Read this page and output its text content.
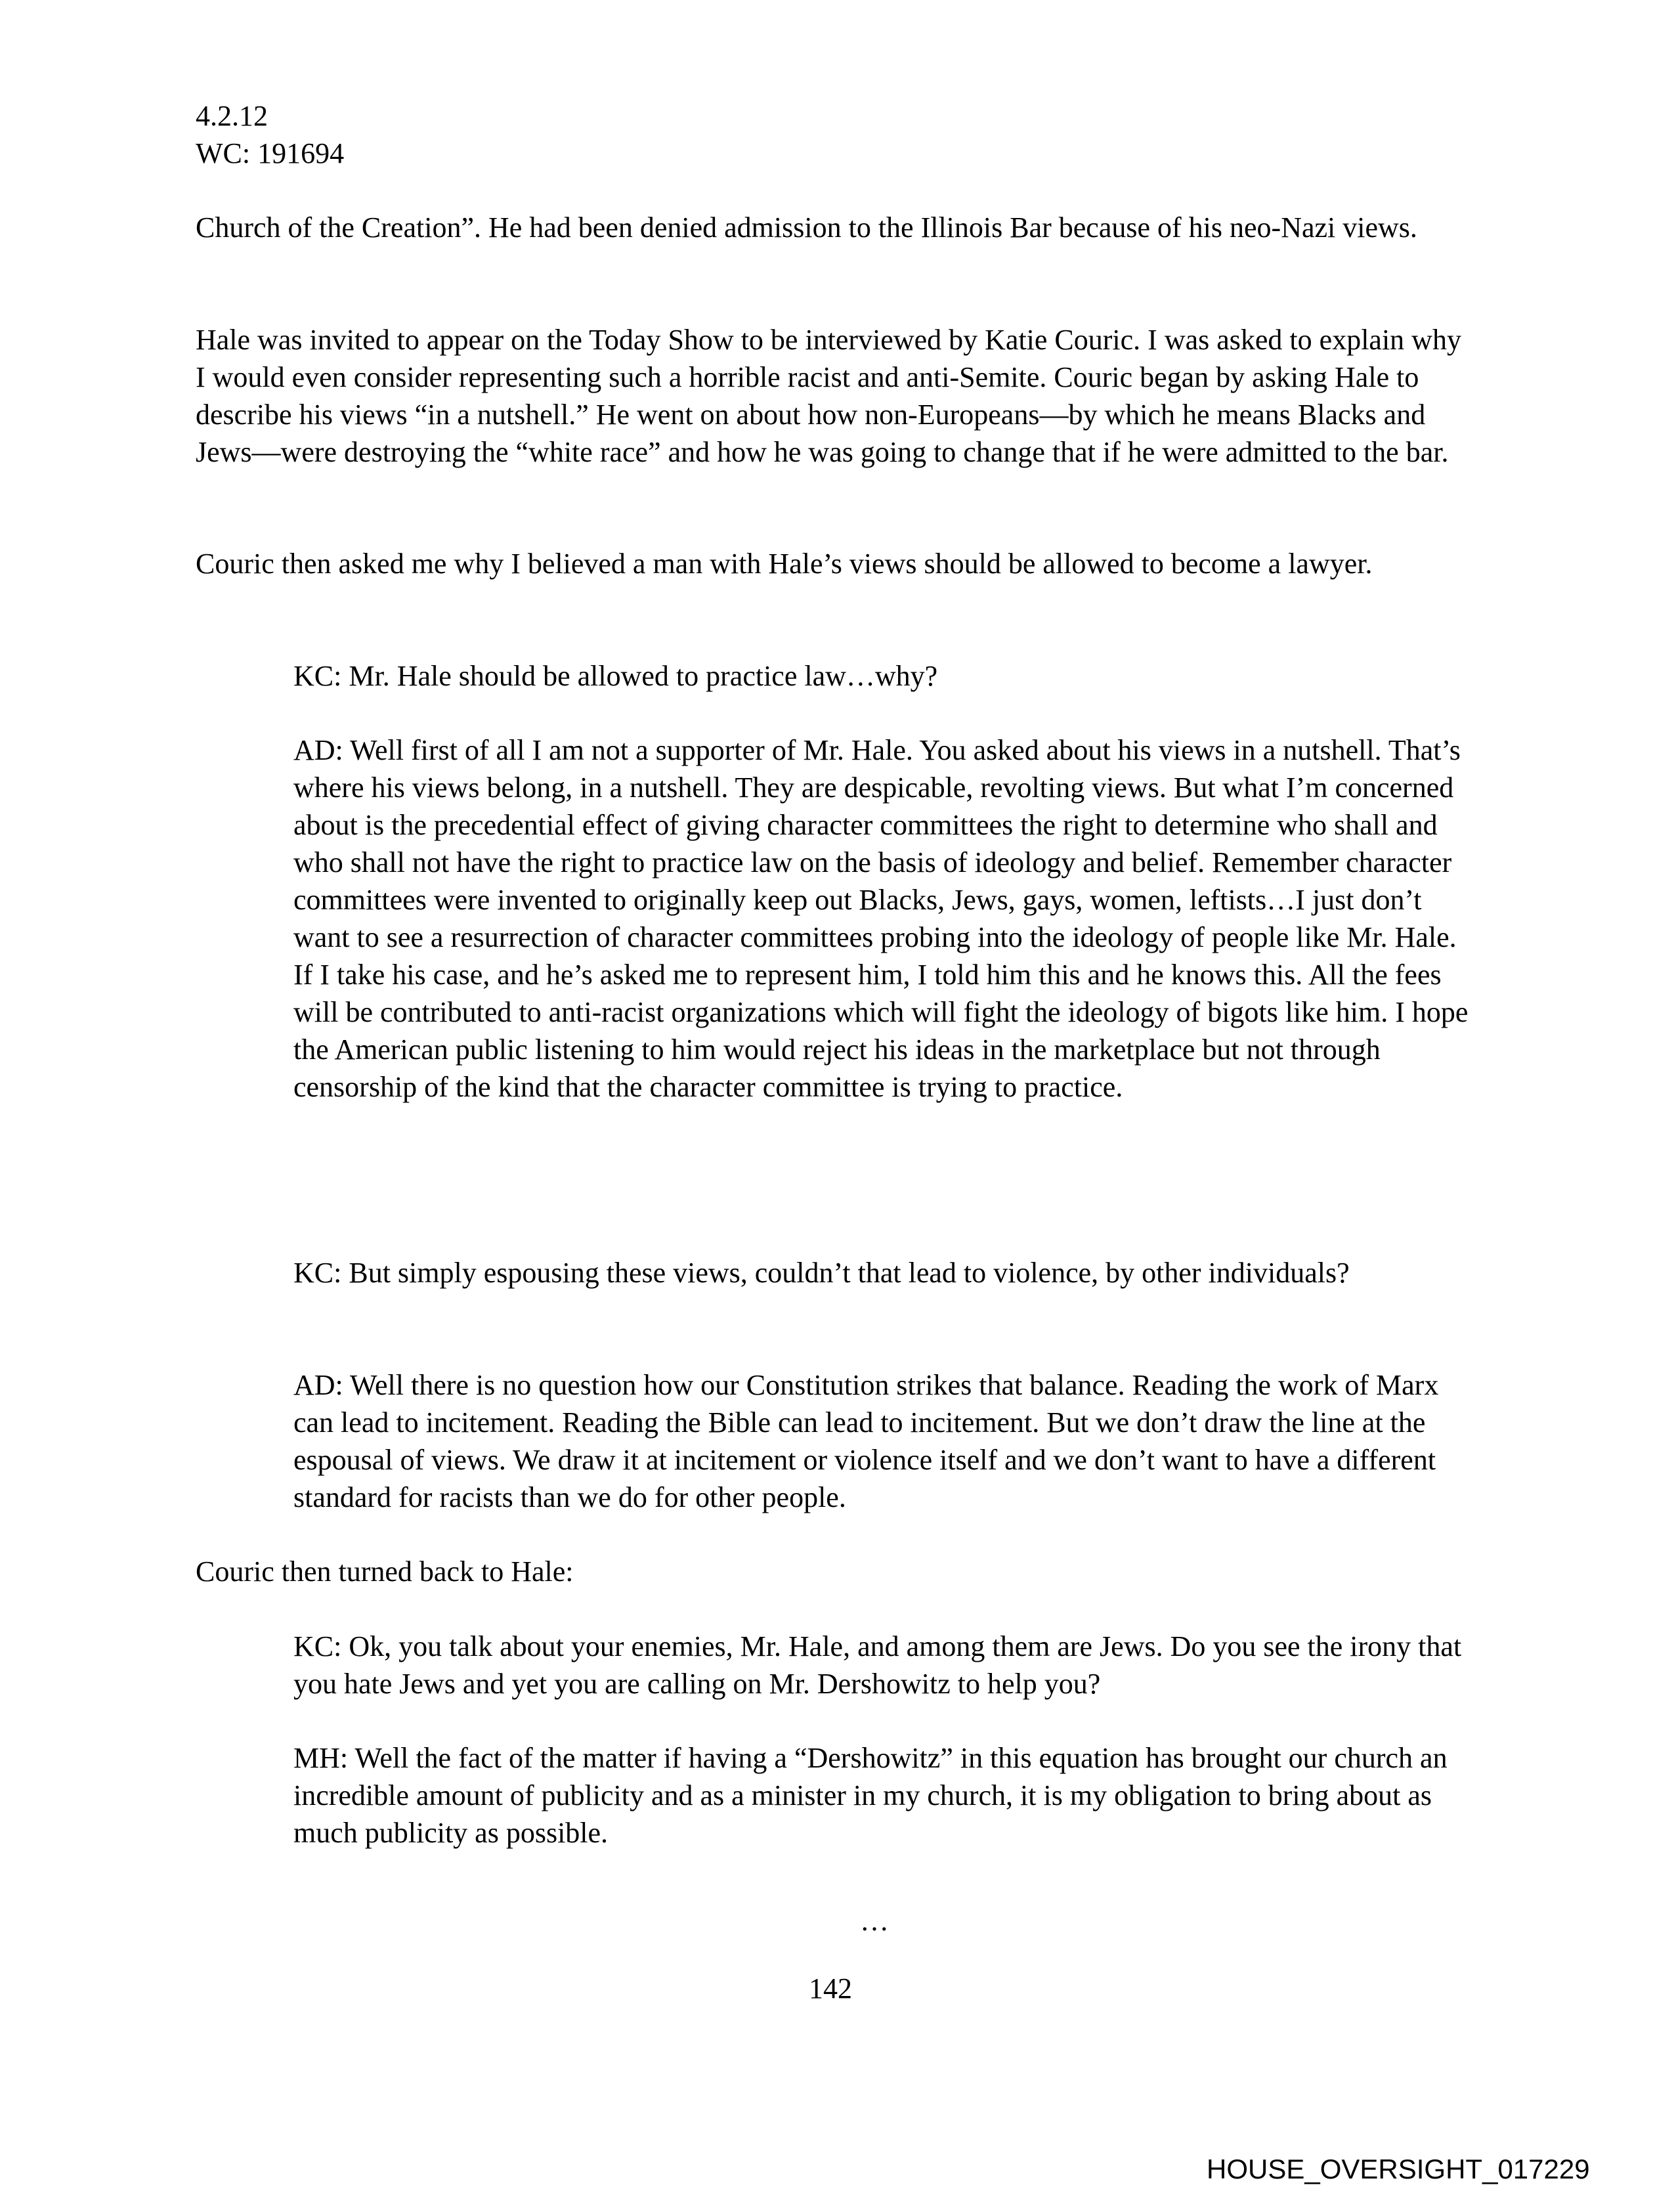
4.2.12
WC: 191694

Church of the Creation”. He had been denied admission to the Illinois Bar because of his neo-Nazi views.

Hale was invited to appear on the Today Show to be interviewed by Katie Couric. I was asked to explain why I would even consider representing such a horrible racist and anti-Semite. Couric began by asking Hale to describe his views “in a nutshell.” He went on about how non-Europeans—by which he means Blacks and Jews—were destroying the “white race” and how he was going to change that if he were admitted to the bar.

Couric then asked me why I believed a man with Hale’s views should be allowed to become a lawyer.

KC: Mr. Hale should be allowed to practice law…why?

AD: Well first of all I am not a supporter of Mr. Hale. You asked about his views in a nutshell. That’s where his views belong, in a nutshell. They are despicable, revolting views. But what I’m concerned about is the precedential effect of giving character committees the right to determine who shall and who shall not have the right to practice law on the basis of ideology and belief. Remember character committees were invented to originally keep out Blacks, Jews, gays, women, leftists…I just don’t want to see a resurrection of character committees probing into the ideology of people like Mr. Hale. If I take his case, and he’s asked me to represent him, I told him this and he knows this. All the fees will be contributed to anti-racist organizations which will fight the ideology of bigots like him. I hope the American public listening to him would reject his ideas in the marketplace but not through censorship of the kind that the character committee is trying to practice.

KC: But simply espousing these views, couldn’t that lead to violence, by other individuals?

AD: Well there is no question how our Constitution strikes that balance. Reading the work of Marx can lead to incitement. Reading the Bible can lead to incitement. But we don’t draw the line at the espousal of views. We draw it at incitement or violence itself and we don’t want to have a different standard for racists than we do for other people.

Couric then turned back to Hale:

KC: Ok, you talk about your enemies, Mr. Hale, and among them are Jews. Do you see the irony that you hate Jews and yet you are calling on Mr. Dershowitz to help you?

MH: Well the fact of the matter if having a “Dershowitz” in this equation has brought our church an incredible amount of publicity and as a minister in my church, it is my obligation to bring about as much publicity as possible.

…
142
HOUSE_OVERSIGHT_017229
